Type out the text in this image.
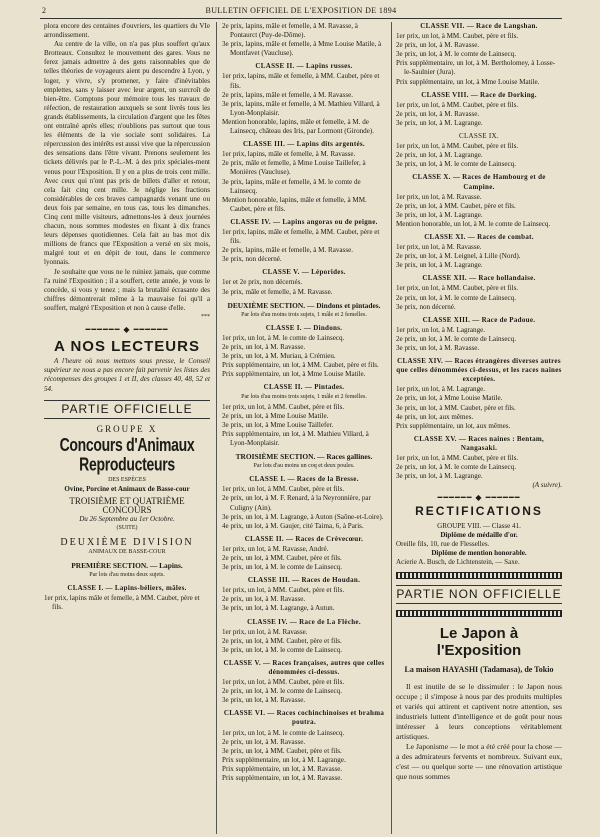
2	BULLETIN OFFICIEL DE L'EXPOSITION DE 1894

plora encore des centaines d'ouvriers, les quartiers du VIe arrondissement.

Au centre de la ville, on n'a pas plus souffert qu'aux Brotteaux. Consultez le mouvement des gares. Vous ne ferez jamais admettre à des gens raisonnables que de telles théories de voyageurs aient pu descendre à Lyon, y loger, y vivre, s'y promener, y faire d'inévitables emplettes, sans y laisser avec leur argent, un surcroît de bien-être. Comptons pour mémoire tous les travaux de réfection, de restauration auxquels se sont livrés tous les grands établissements, la circulation d'argent que les fêtes ont entraîné après elles; n'oublions pas surtout que tous les éléments de la vie sociale sont solidaires. La répercussion des intérêts est aussi vive que la répercussion des sensations dans l'être vivant. Prenons seulement les tickets délivrés par le P.-L.-M. à des prix spéciales-ment venus pour l'Exposition. Il y en a plus de trois cent mille. Avec ceux qui n'ont pas pris de billets d'aller et retour, cela fait cinq cent mille. Je néglige les fractions considérables de ces braves campagnards venant une ou deux fois par semaine, en tous cas, tous les dimanches. Cinq cent mille visiteurs, admettons-les à deux journées chacun, nous sommes modestes en fixant à dix francs leurs dépenses quotidiennes. Cela fait au bas mot dix millions de francs que l'Exposition a versé en six mois, malgré tout et en dépit de tout, dans le commerce lyonnais.

Je souhaite que vous ne le ruiniez jamais, que comme l'a ruiné l'Exposition ; il a souffert, cette année, je vous le concède, si vous y tenez ; mais la brutalité écrasante des chiffres démontrerait même à la mauvaise foi qu'il a souffert, malgré l'Exposition et non à cause d'elle.

***
━━━━━━ ◆ ━━━━━━
A NOS LECTEURS

A l'heure où nous mettons sous presse, le Conseil supérieur ne nous a pas encore fait parvenir les listes des récompenses des groupes 1 et II, des classes 40, 48, 52 et 54.

PARTIE OFFICIELLE
GROUPE X
Concours d'Animaux Reproducteurs
DES ESPÈCES
Ovine, Porcine et Animaux de Basse-cour
TROISIÈME ET QUATRIÈME CONCOURS
Du 26 Septembre au 1er Octobre.
(SUITE)
DEUXIÈME DIVISION
ANIMAUX DE BASSE-COUR
PREMIÈRE SECTION. — Lapins.
Par lots d'au moins deux sujets.
CLASSE I. — Lapins-béliers, mâles.

1er prix, lapins mâle et femelle, à MM. Caubet, père et fils.

2e prix, lapins, mâle et femelle, à M. Ravasse, à Pontaurct (Puy-de-Dôme).

3e prix, lapins, mâle et femelle, à Mme Louise Matile, à Montfavet (Vaucluse).

CLASSE II. — Lapins russes.

1er prix, lapins, mâle et femelle, à MM. Caubet, père et fils.

2e prix, lapins, mâle et femelle, à M. Ravasse.

3e prix, lapins, mâle et femelle, à M. Mathieu Villard, à Lyon-Monplaisir.

Mention honorable, lapins, mâle et femelle, à M. de Lainsecq, château des Iris, par Lormont (Gironde).

CLASSE III. — Lapins dits argentés.

1er prix, lapins, mâle et femelle, à M. Ravasse.

2e prix, mâle et femelle, à Mme Louise Taillefer, à Monières (Vaucluse).

3e prix, lapins, mâle et femelle, à M. le comte de Lainsecq.

Mention honorable, lapins, mâle et femelle, à MM. Caubet, père et fils.

CLASSE IV. — Lapins angoras ou de peigne.

1er prix, lapins, mâle et femelle, à MM. Caubet, père et fils.

2e prix, lapins, mâle et femelle, à M. Ravasse.

3e prix, non décerné.

CLASSE V. — Léporides.

1er et 2e prix, non décernés.

3e prix, mâle et femelle, à M. Ravasse.

DEUXIÈME SECTION. — Dindons et pintades.
Par lots d'au moins trois sujets, 1 mâle et 2 femelles.
CLASSE I. — Dindons.

1er prix, un lot, à M. le comte de Lainsecq.

2e prix, un lot, à M. Ravasse.

3e prix, un lot, à M. Muriau, à Crémieu.

Prix supplémentaire, un lot, à MM. Caubet, père et fils.

Prix supplémentaire, un lot, à Mme Louise Matile.

CLASSE II. — Pintades.
Par lots d'au moins trois sujets, 1 mâle et 2 femelles.

1er prix, un lot, à MM. Caubet, père et fils.

2e prix, un lot, à Mme Louise Matile.

3e prix, un lot, à Mme Louise Taillefer.

Prix supplémentaire, un lot, à M. Mathieu Villard, à Lyon-Monplaisir.

TROISIÈME SECTION. — Races gallines.
Par lots d'au moins un coq et deux poules.
CLASSE I. — Races de la Bresse.

1er prix, un lot, à MM. Caubet, père et fils.

2e prix, un lot, à M. F. Renard, à la Neyronnière, par Culigny (Ain).

3e prix, un lot, à M. Lagrange, à Auton (Saône-et-Loire).

4e prix, un lot, à M. Gaujer, cité Taima, 6, à Paris.

CLASSE II. — Races de Crèvecœur.

1er prix, un lot, à M. Ravasse, André.

2e prix, un lot, à MM. Caubet, père et fils.

3e prix, un lot, à M. le comte de Lainsecq.

CLASSE III. — Races de Houdan.

1er prix, un lot, à MM. Caubet, père et fils.

2e prix, un lot, à M. Ravasse.

3e prix, un lot, à M. Lagrange, à Autun.

CLASSE IV. — Race de La Flèche.

1er prix, un lot, à M. Ravasse.

2e prix, un lot, à MM. Caubet, père et fils.

3e prix, un lot, à M. le comte de Lainsecq.

CLASSE V. — Races françaises, autres que celles dénommées ci-dessus.

1er prix, un lot, à MM. Caubet, père et fils.

2e prix, un lot, à M. le comte de Lainsecq.

3e prix, un lot, à M. Ravasse.

CLASSE VI. — Races cochinchinoises et brahma poutra.

1er prix, un lot, à M. le comte de Lainsecq.

2e prix, un lot, à M. Ravasse.

3e prix, un lot, à MM. Caubet, père et fils.

Prix supplémentaire, un lot, à M. Lagrange.

Prix supplémentaire, un lot, à M. Ravasse.

Prix supplémentaire, un lot, à M. Ravasse.

CLASSE VII. — Race de Langshan.

1er prix, un lot, à MM. Caubet, père et fils.

2e prix, un lot, à M. Ravasse.

3e prix, un lot, à M. le comte de Lainsecq.

Prix supplémentaire, un lot, à M. Bertholomey, à Losse-le-Saulnier (Jura).

Prix supplémentaire, un lot, à Mme Louise Matile.

CLASSE VIII. — Race de Dorking.

1er prix, un lot, à MM. Caubet, père et fils.

2e prix, un lot, à M. Ravasse.

3e prix, un lot, à M. Lagrange.

CLASSE IX.

1er prix, un lot, à MM. Caubet, père et fils.

2e prix, un lot, à M. Lagrange.

3e prix, un lot, à M. le comte de Lainsecq.

CLASSE X. — Races de Hambourg et de Campine.

1er prix, un lot, à M. Ravasse.

2e prix, un lot, à MM. Caubet, père et fils.

3e prix, un lot, à M. Lagrange.

Mention honorable, un lot, à M. le comte de Lainsecq.

CLASSE XI. — Races de combat.

1er prix, un lot, à M. Ravasse.

2e prix, un lot, à M. Leignel, à Lille (Nord).

3e prix, un lot, à M. Lagrange.

CLASSE XII. — Race hollandaise.

1er prix, un lot, à MM. Caubet, père et fils.

2e prix, un lot, à M. le comte de Lainsecq.

3e prix, non décerné.

CLASSE XIII. — Race de Padoue.

1er prix, un lot, à M. Lagrange.

2e prix, un lot, à M. le comte de Lainsecq.

3e prix, un lot, à M. Ravasse.

CLASSE XIV. — Races étrangères diverses autres que celles dénommées ci-dessus, et les races naines exceptées.

1er prix, un lot, à M. Lagrange.

2e prix, un lot, à Mme Louise Matile.

3e prix, un lot, à MM. Caubet, père et fils.

4e prix, un lot, aux mêmes.

Prix supplémentaire, un lot, aux mêmes.

CLASSE XV. — Races naines : Bentam, Nangasaki.

1er prix, un lot, à MM. Caubet, père et fils.

2e prix, un lot, à M. le comte de Lainsecq.

3e prix, un lot, à M. Lagrange.

(A suivre).
━━━━━━ ◆ ━━━━━━
RECTIFICATIONS
GROUPE VIII. — Classe 41.
Diplôme de médaille d'or.

Oreille fils, 10, rue de Flesselles.

Diplôme de mention honorable.

Acierie A. Busch, de Lichtenstein, — Saxe.

PARTIE NON OFFICIELLE
Le Japon à l'Exposition
La maison HAYASHI (Tadamasa), de Tokio

Il est inutile de se le dissimuler : le Japon nous occupe ; il s'impose à nous par des produits multiples et variés qui attirent et captivent notre attention, ses industriels luttent d'intelligence et de goût pour nous intéresser à leurs conceptions véritablement artistiques.

Le Japonisme — le mot a été créé pour la chose — a des admirateurs fervents et nombreux. Suivant eux, c'est — ou quelque sorte — une rénovation artistique que nous sommes
